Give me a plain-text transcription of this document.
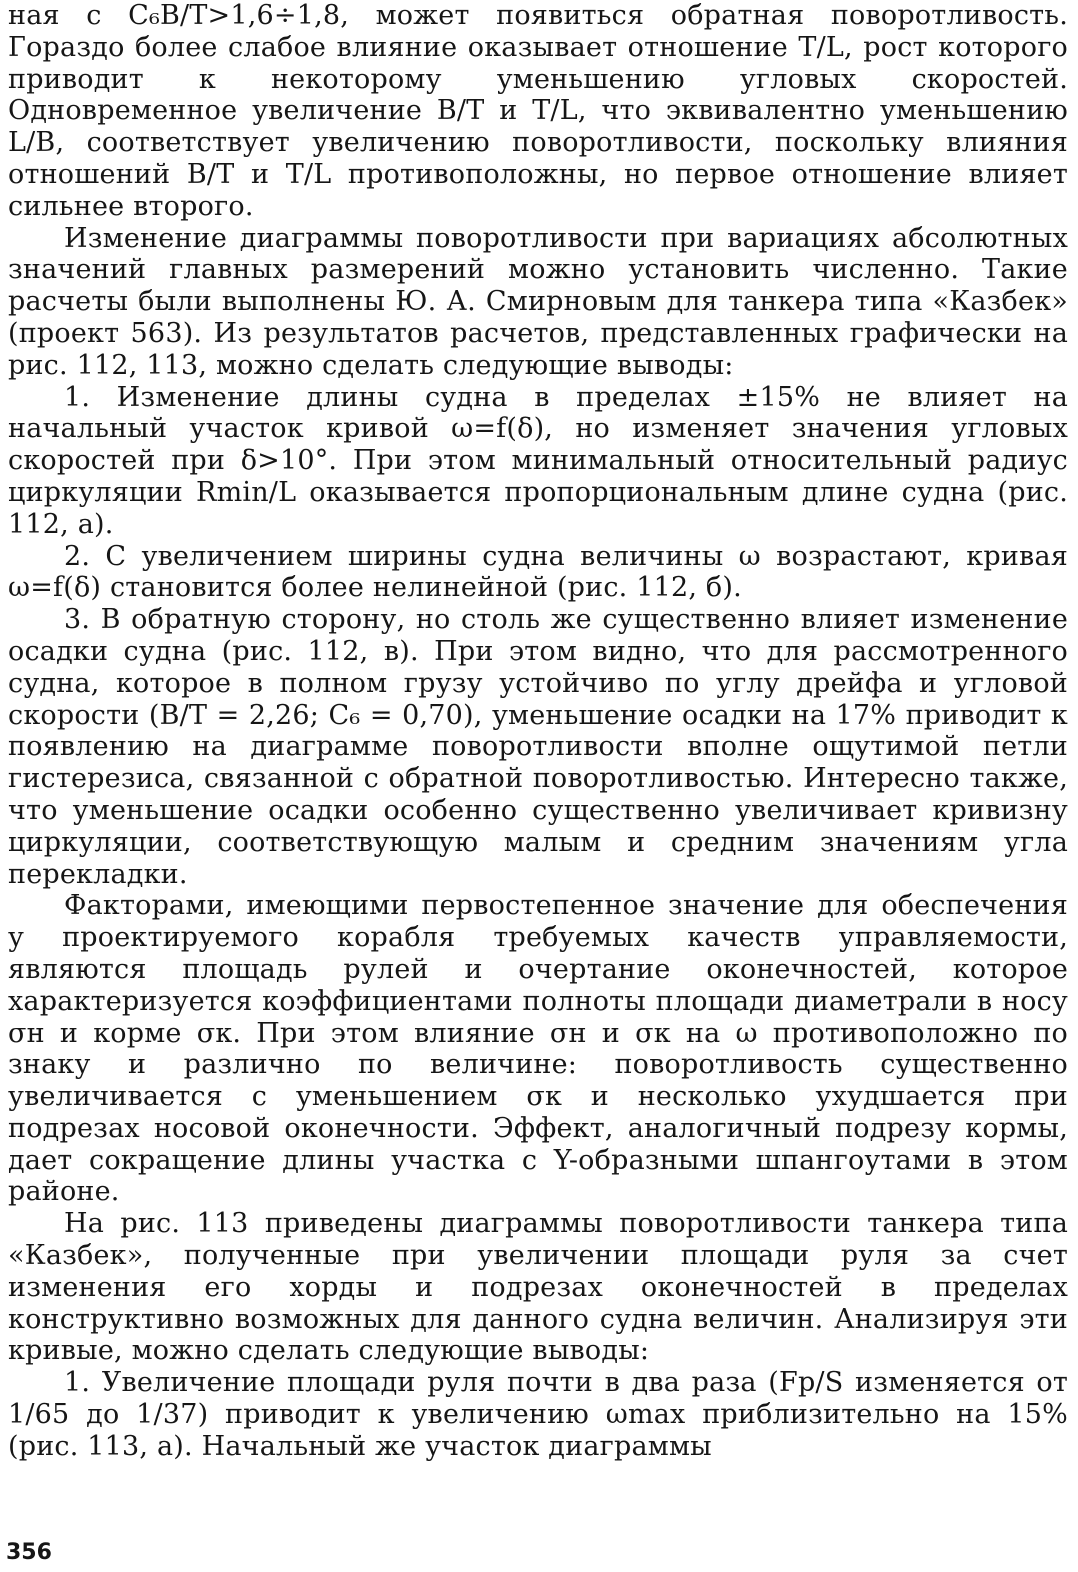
ная с C₆B/T>1,6÷1,8, может появиться обратная поворотливость. Гораздо более слабое влияние оказывает отношение T/L, рост которого приводит к некоторому уменьшению угловых скоростей. Одновременное увеличение B/T и T/L, что эквивалентно уменьшению L/B, соответствует увеличению поворотливости, поскольку влияния отношений B/T и T/L противоположны, но первое отношение влияет сильнее второго.

Изменение диаграммы поворотливости при вариациях абсолютных значений главных размерений можно установить численно. Такие расчеты были выполнены Ю. А. Смирновым для танкера типа «Казбек» (проект 563). Из результатов расчетов, представленных графически на рис. 112, 113, можно сделать следующие выводы:

1. Изменение длины судна в пределах ±15% не влияет на начальный участок кривой ω=f(δ), но изменяет значения угловых скоростей при δ>10°. При этом минимальный относительный радиус циркуляции Rmin/L оказывается пропорциональным длине судна (рис. 112, а).

2. С увеличением ширины судна величины ω возрастают, кривая ω=f(δ) становится более нелинейной (рис. 112, б).

3. В обратную сторону, но столь же существенно влияет изменение осадки судна (рис. 112, в). При этом видно, что для рассмотренного судна, которое в полном грузу устойчиво по углу дрейфа и угловой скорости (B/T = 2,26; C₆ = 0,70), уменьшение осадки на 17% приводит к появлению на диаграмме поворотливости вполне ощутимой петли гистерезиса, связанной с обратной поворотливостью. Интересно также, что уменьшение осадки особенно существенно увеличивает кривизну циркуляции, соответствующую малым и средним значениям угла перекладки.

Факторами, имеющими первостепенное значение для обеспечения у проектируемого корабля требуемых качеств управляемости, являются площадь рулей и очертание оконечностей, которое характеризуется коэффициентами полноты площади диаметрали в носу σн и корме σк. При этом влияние σн и σк на ω противоположно по знаку и различно по величине: поворотливость существенно увеличивается с уменьшением σк и несколько ухудшается при подрезах носовой оконечности. Эффект, аналогичный подрезу кормы, дает сокращение длины участка с Y-образными шпангоутами в этом районе.

На рис. 113 приведены диаграммы поворотливости танкера типа «Казбек», полученные при увеличении площади руля за счет изменения его хорды и подрезах оконечностей в пределах конструктивно возможных для данного судна величин. Анализируя эти кривые, можно сделать следующие выводы:

1. Увеличение площади руля почти в два раза (Fр/S изменяется от 1/65 до 1/37) приводит к увеличению ωmax приблизительно на 15% (рис. 113, а). Начальный же участок диаграммы

356
